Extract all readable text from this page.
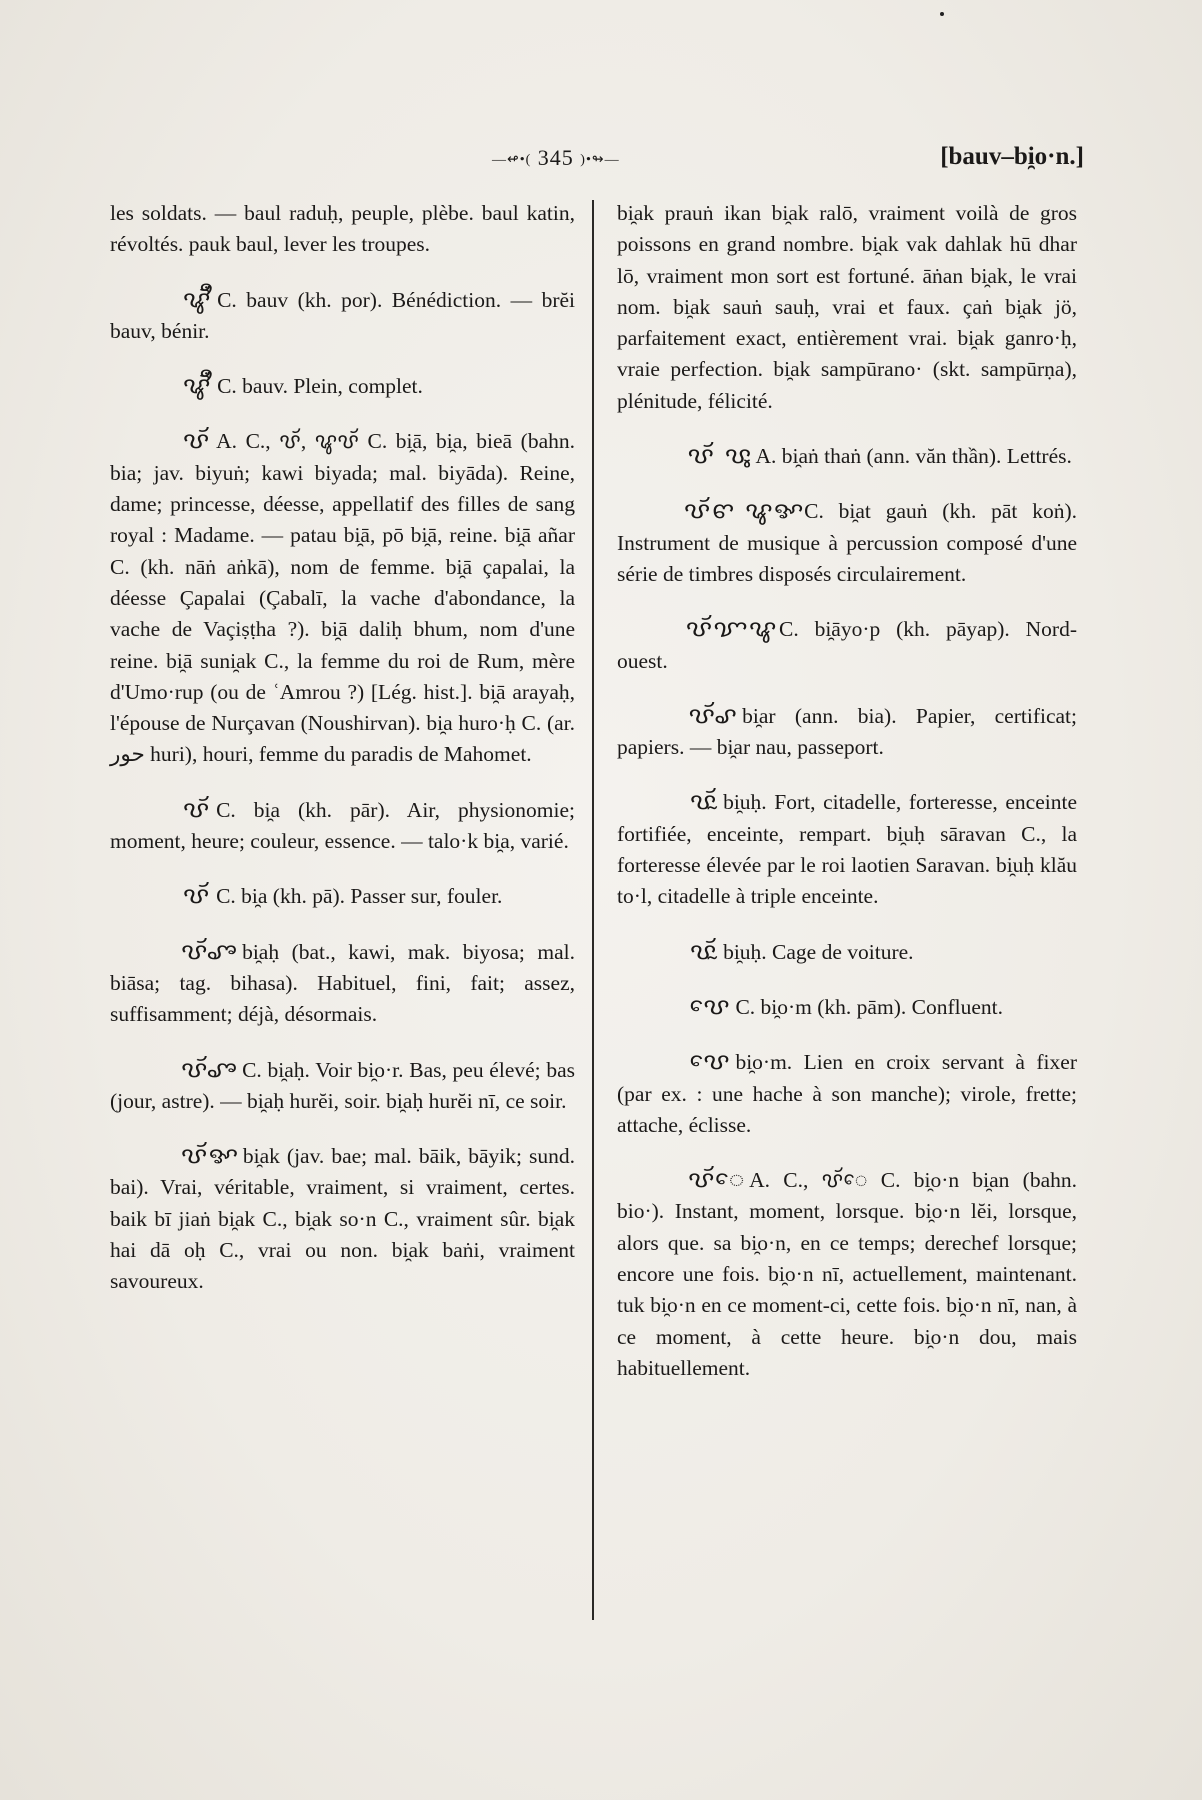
—↫•( 345 )•↬—	[bauv–bi̯o·n.]

les soldats. — baul raduḥ, peuple, plèbe. baul katin, révoltés. pauk baul, lever les troupes.

ꨥꨮꨫ C. bauv (kh. por). Bénédiction. — brĕi bauv, bénir.

ꨥꨮꨫ C. bauv. Plein, complet.

ꨝꨮ A. C., ꨝꨮ, ꨥꨝꨮ C. bi̯ā, bi̯a, bieā (bahn. bia; jav. biyuṅ; kawi biyada; mal. biyāda). Reine, dame; princesse, déesse, appellatif des filles de sang royal : Madame. — patau bi̯ā, pō bi̯ā, reine. bi̯ā añar C. (kh. nāṅ aṅkā), nom de femme. bi̯ā çapalai, la déesse Çapalai (Çabalī, la vache d'abondance, la vache de Vaçiṣṭha ?). bi̯ā daliḥ bhum, nom d'une reine. bi̯ā suni̯ak C., la femme du roi de Rum, mère d'Umo·rup (ou de ʿAmrou ?) [Lég. hist.]. bi̯ā arayaḥ, l'épouse de Nurçavan (Noushirvan). bi̯a huro·ḥ C. (ar. حور huri), houri, femme du paradis de Mahomet.

ꨝꨮ C. bi̯a (kh. pār). Air, physionomie; moment, heure; couleur, essence. — talo·k bi̯a, varié.

ꨝꨮ C. bi̯a (kh. pā). Passer sur, fouler.

ꨝꨮꨨ bi̯aḥ (bat., kawi, mak. biyosa; mal. biāsa; tag. bihasa). Habituel, fini, fait; assez, suffisamment; déjà, désormais.

ꨝꨮꨨ C. bi̯aḥ. Voir bi̯o·r. Bas, peu élevé; bas (jour, astre). — bi̯aḥ hurĕi, soir. bi̯aḥ hurĕi nī, ce soir.

ꨝꨮꨀ bi̯ak (jav. bae; mal. bāik, bāyik; sund. bai). Vrai, véritable, vraiment, si vraiment, certes. baik bī jiaṅ bi̯ak C., bi̯ak so·n C., vraiment sûr. bi̯ak hai dā oḥ C., vrai ou non. bi̯ak baṅi, vraiment savoureux.

bi̯ak prauṅ ikan bi̯ak ralō, vraiment voilà de gros poissons en grand nombre. bi̯ak vak dahlak hū dhar lō, vraiment mon sort est fortuné. āṅan bi̯ak, le vrai nom. bi̯ak sauṅ sauḥ, vrai et faux. çaṅ bi̯ak jö, parfaitement exact, entièrement vrai. bi̯ak ganro·ḥ, vraie perfection. bi̯ak sampūrano· (skt. sampūrṇa), plénitude, félicité.

ꨝꨮ ꨝꨶ A. bi̯aṅ thaṅ (ann. văn thần). Lettrés.

ꨝꨮꨓ ꨥꨀC. bi̯at gauṅ (kh. pāt koṅ). Instrument de musique à percussion composé d'une série de timbres disposés circulairement.

ꨝꨮꨢꨥC. bi̯āyo·p (kh. pāyap). Nord-ouest.

ꨝꨮꨣ bi̯ar (ann. bia). Papier, certificat; papiers. — bi̯ar nau, passeport.

ꨝꨮꨭ bi̯uḥ. Fort, citadelle, forteresse, enceinte fortifiée, enceinte, rempart. bi̯uḥ sāravan C., la forteresse élevée par le roi laotien Saravan. bi̯uḥ klău to·l, citadelle à triple enceinte.

ꨝꨮꨭ bi̯uḥ. Cage de voiture.

ꨝꨯ C. bi̯o·m (kh. pām). Confluent.

ꨝꨯ bi̯o·m. Lien en croix servant à fixer (par ex. : une hache à son manche); virole, frette; attache, éclisse.

ꨝꨮꨯ A. C., ꨝꨮꨯ C. bi̯o·n bi̯an (bahn. bio·). Instant, moment, lorsque. bi̯o·n lĕi, lorsque, alors que. sa bi̯o·n, en ce temps; derechef lorsque; encore une fois. bi̯o·n nī, actuellement, maintenant. tuk bi̯o·n en ce moment-ci, cette fois. bi̯o·n nī, nan, à ce moment, à cette heure. bi̯o·n dou, mais habituellement.
